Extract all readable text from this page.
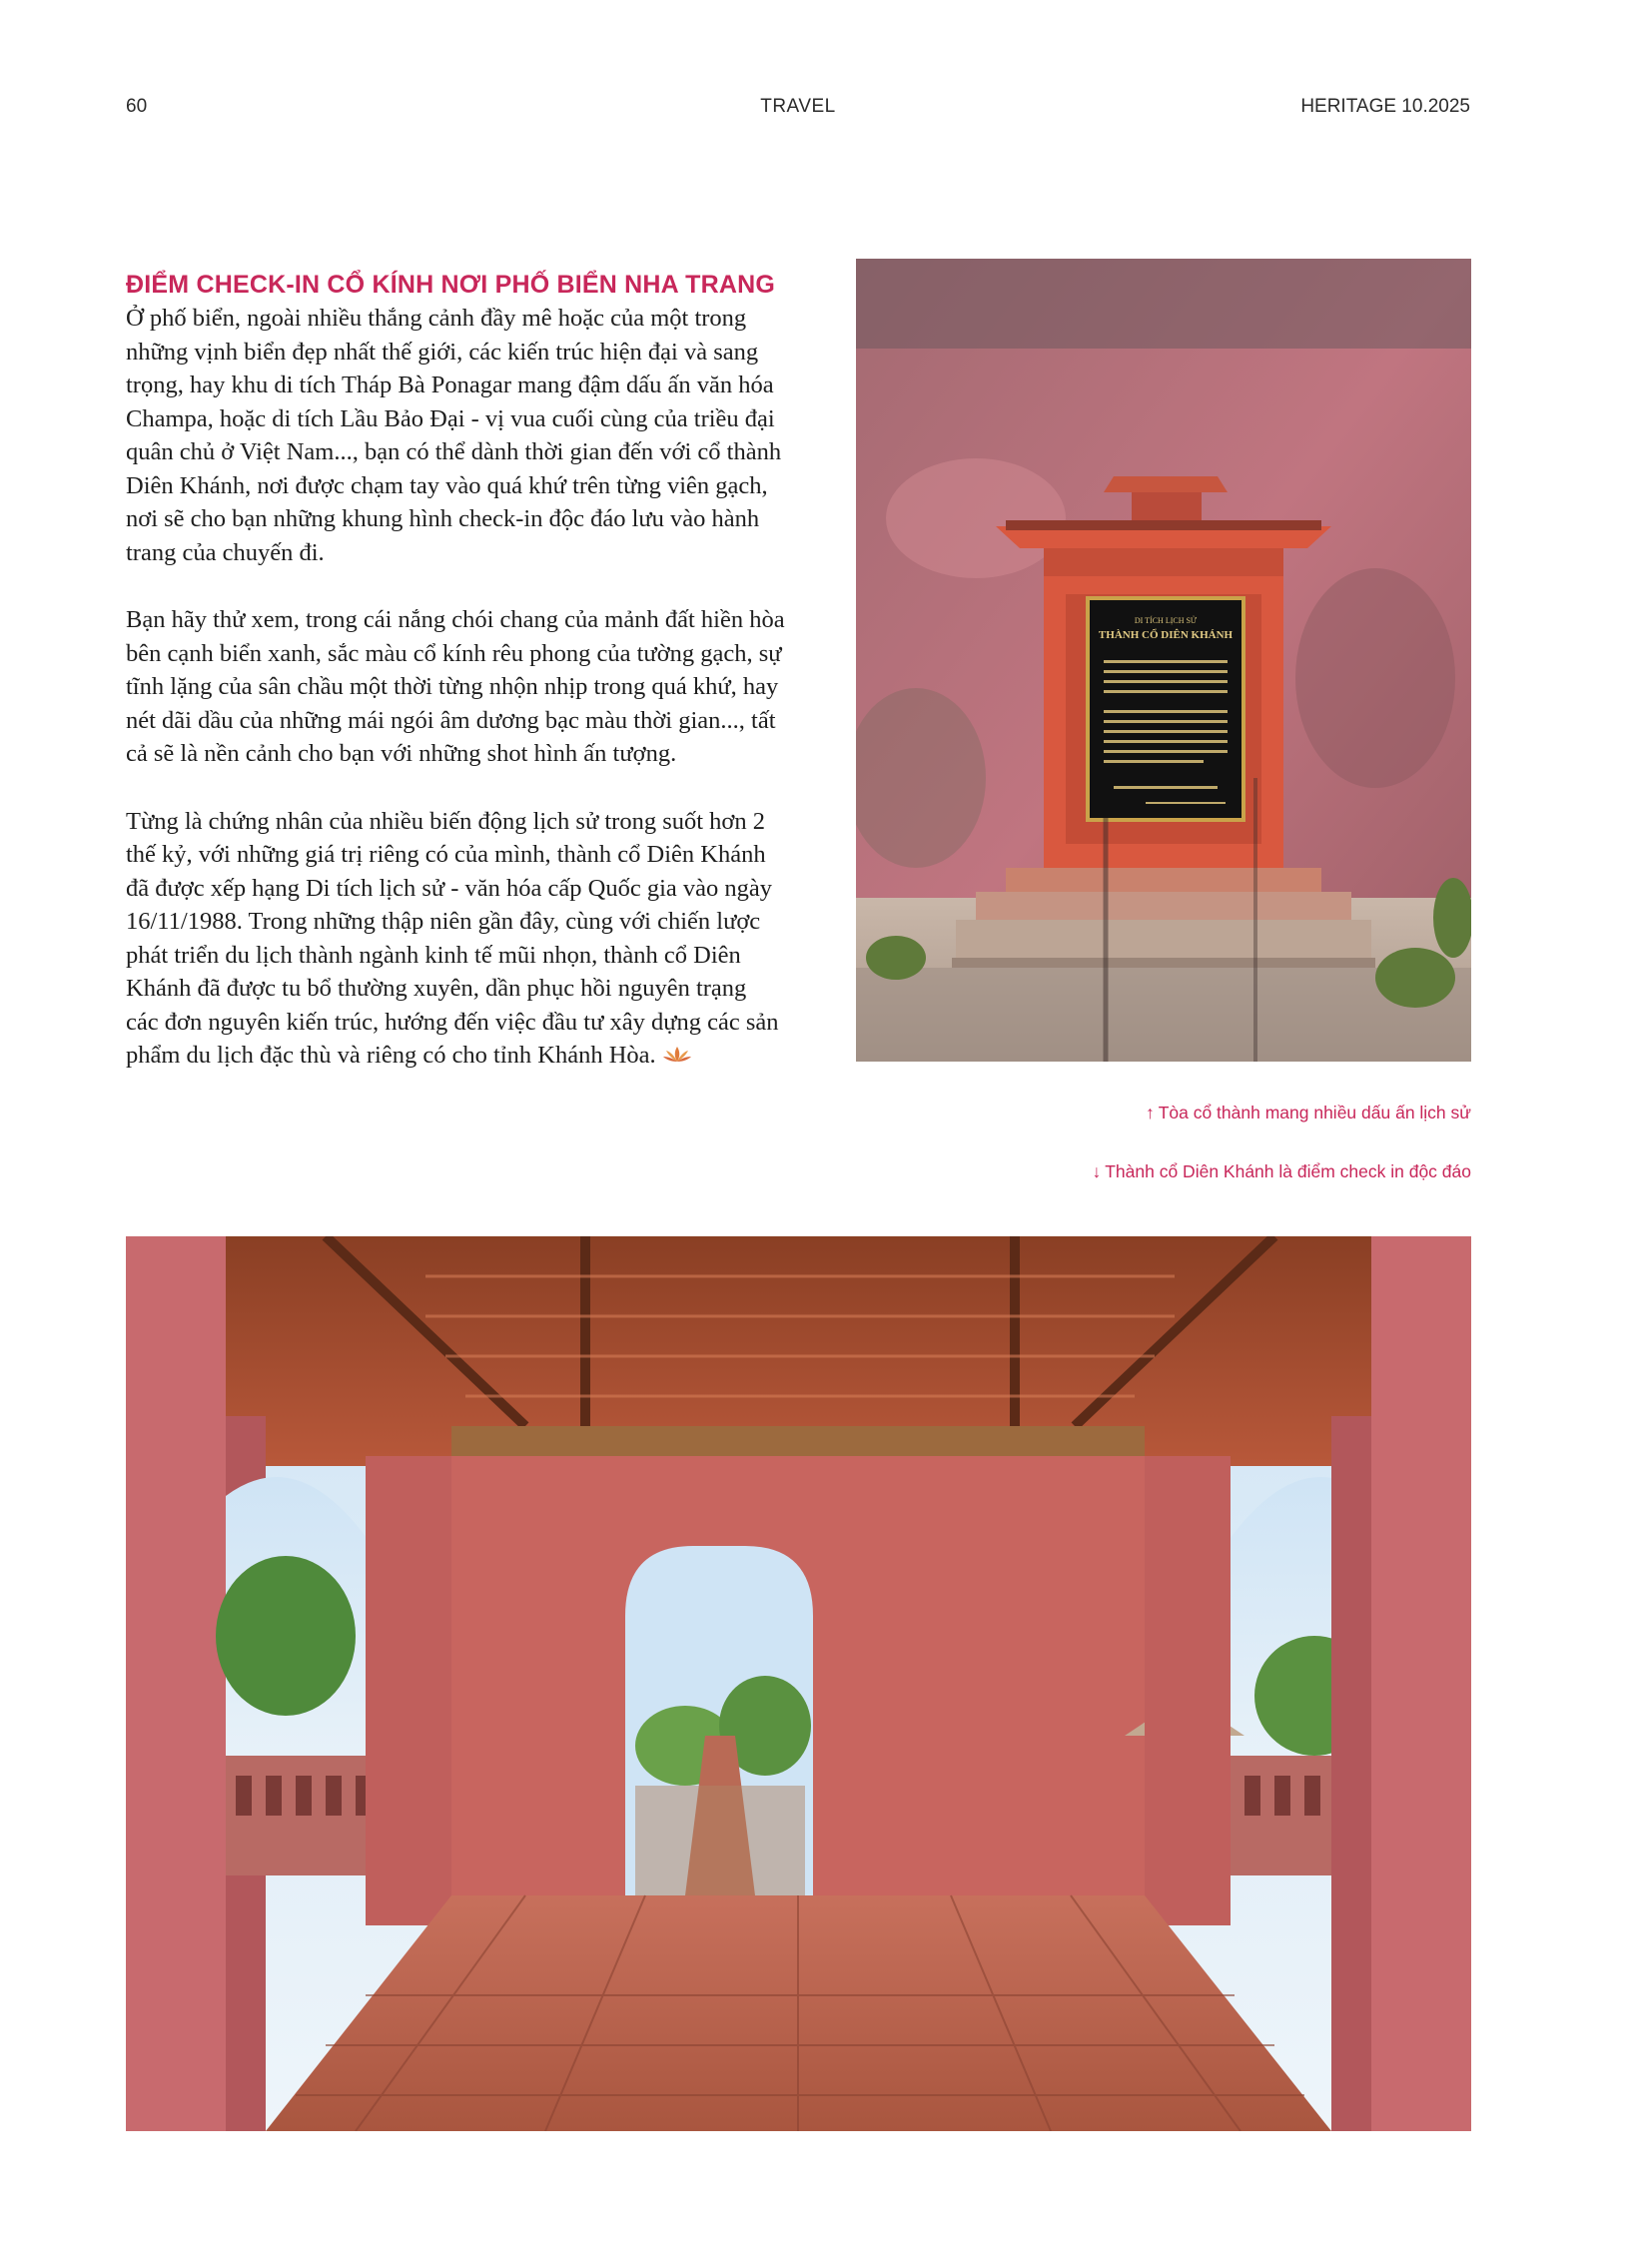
60	TRAVEL	HERITAGE 10.2025
ĐIỂM CHECK-IN CỔ KÍNH NƠI PHỐ BIỂN NHA TRANG

Ở phố biển, ngoài nhiều thắng cảnh đầy mê hoặc của một trong những vịnh biển đẹp nhất thế giới, các kiến trúc hiện đại và sang trọng, hay khu di tích Tháp Bà Ponagar mang đậm dấu ấn văn hóa Champa, hoặc di tích Lầu Bảo Đại - vị vua cuối cùng của triều đại quân chủ ở Việt Nam..., bạn có thể dành thời gian đến với cổ thành Diên Khánh, nơi được chạm tay vào quá khứ trên từng viên gạch, nơi sẽ cho bạn những khung hình check-in độc đáo lưu vào hành trang của chuyến đi.

Bạn hãy thử xem, trong cái nắng chói chang của mảnh đất hiền hòa bên cạnh biển xanh, sắc màu cổ kính rêu phong của tường gạch, sự tĩnh lặng của sân chầu một thời từng nhộn nhịp trong quá khứ, hay nét dãi dầu của những mái ngói âm dương bạc màu thời gian..., tất cả sẽ là nền cảnh cho bạn với những shot hình ấn tượng.

Từng là chứng nhân của nhiều biến động lịch sử trong suốt hơn 2 thế kỷ, với những giá trị riêng có của mình, thành cổ Diên Khánh đã được xếp hạng Di tích lịch sử - văn hóa cấp Quốc gia vào ngày 16/11/1988. Trong những thập niên gần đây, cùng với chiến lược phát triển du lịch thành ngành kinh tế mũi nhọn, thành cổ Diên Khánh đã được tu bổ thường xuyên, dần phục hồi nguyên trạng các đơn nguyên kiến trúc, hướng đến việc đầu tư xây dựng các sản phẩm du lịch đặc thù và riêng có cho tỉnh Khánh Hòa.

DI TÍCH LỊCH SỬ
THÀNH CỔ DIÊN KHÁNH
↑ Tòa cổ thành mang nhiều dấu ấn lịch sử
↓ Thành cổ Diên Khánh là điểm check in độc đáo
